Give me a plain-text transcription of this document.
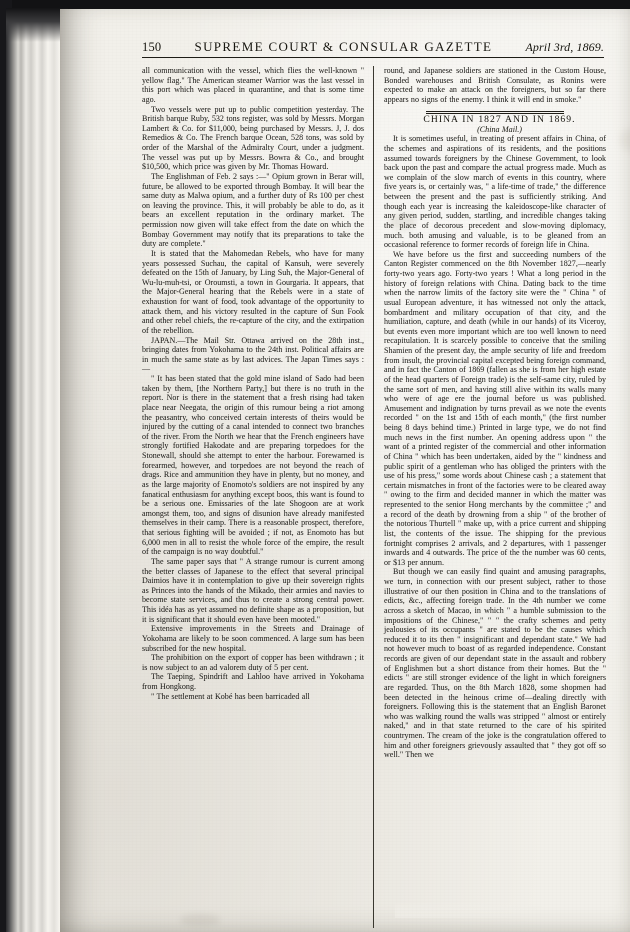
150	SUPREME COURT & CONSULAR GAZETTE	April 3rd, 1869.

all communication with the vessel, which flies the well-known " yellow flag." The American steamer Warrior was the last vessel in this port which was placed in quarantine, and that is some time ago.

Two vessels were put up to public competition yesterday. The British barque Ruby, 532 tons register, was sold by Messrs. Morgan Lambert & Co. for $11,000, being purchased by Messrs. J, J. dos Remedios & Co. The French barque Ocean, 528 tons, was sold by order of the Marshal of the Admiralty Court, under a judgment. The vessel was put up by Messrs. Bowra & Co., and brought $10,500, which price was given by Mr. Thomas Howard.

The Englishman of Feb. 2 says :—" Opium grown in Berar will, future, be allowed to be exported through Bombay. It will bear the same duty as Malwa opium, and a further duty of Rs 100 per chest on leaving the province. This, it will probably be able to do, as it bears an excellent reputation in the ordinary market. The permission now given will take effect from the date on which the Bombay Government may notify that its preparations to take the duty are complete."

It is stated that the Mahomedan Rebels, who have for many years possessed Suchau, the capital of Kansuh, were severely defeated on the 15th of January, by Ling Suh, the Major-General of Wu-lu-muh-tsi, or Oroumsti, a town in Gourgaria. It appears, that the Major-General hearing that the Rebels were in a state of exhaustion for want of food, took advantage of the opportunity to attack them, and his victory resulted in the capture of Sun Fook and other rebel chiefs, the re-capture of the city, and the extirpation of the rebellion.

JAPAN.—The Mail Str. Ottawa arrived on the 28th inst., bringing dates from Yokohama to the 24th inst. Political affairs are in much the same state as by last advices. The Japan Times says :—

" It has been stated that the gold mine island of Sado had been taken by them, [the Northern Party,] but there is no truth in the report. Nor is there in the statement that a fresh rising had taken place near Neegata, the origin of this rumour being a riot among the peasantry, who conceived certain interests of theirs would be injured by the cutting of a canal intended to connect two branches of the river. From the North we hear that the French engineers have strongly fortified Hakodate and are preparing torpedoes for the Stonewall, should she attempt to enter the harbour. Forewarned is forearmed, however, and torpedoes are not beyond the reach of drags. Rice and ammunition they have in plenty, but no money, and as the large majority of Enomoto's soldiers are not inspired by any fanatical enthusiasm for anything except boos, this want is found to be a serious one. Emissaries of the late Shogoon are at work amongst them, too, and signs of disunion have already manifested themselves in their camp. There is a reasonable prospect, therefore, that serious fighting will be avoided ; if not, as Enomoto has but 6,000 men in all to resist the whole force of the empire, the result of the campaign is no way doubtful."

The same paper says that " A strange rumour is current among the better classes of Japanese to the effect that several principal Daimios have it in contemplation to give up their sovereign rights as Princes into the hands of the Mikado, their armies and navies to become state services, and thus to create a strong central power. This idéa has as yet assumed no definite shape as a proposition, but it is significant that it should even have been mooted."

Extensive improvements in the Streets and Drainage of Yokohama are likely to be soon commenced. A large sum has been subscribed for the new hospital.

The prohibition on the export of copper has been withdrawn ; it is now subject to an ad valorem duty of 5 per cent.

The Taeping, Spindrift and Lahloo have arrived in Yokohama from Hongkong.

" The settlement at Kobé has been barricaded all

round, and Japanese soldiers are stationed in the Custom House, Bonded warehouses and British Consulate, as Ronins were expected to make an attack on the foreigners, but so far there appears no signs of the enemy. I think it will end in smoke."

CHINA IN 1827 AND IN 1869.

(China Mail.)

It is sometimes useful, in treating of present affairs in China, of the schemes and aspirations of its residents, and the positions assumed towards foreigners by the Chinese Government, to look back upon the past and compare the actual progress made. Much as we complain of the slow march of events in this country, where five years is, or certainly was, " a life-time of trade," the difference between the present and the past is sufficiently striking. And though each year is increasing the kaleidoscope-like character of any given period, sudden, startling, and incredible changes taking the place of decorous precedent and slow-moving diplomacy, much. both amusing and valuable, is to be gleaned from an occasional reference to former records of foreign life in China.

We have before us the first and succeeding numbers of the Canton Register commenced on the 8th November 1827,—nearly forty-two years ago. Forty-two years ! What a long period in the history of foreign relations with China. Dating back to the time when the narrow limits of the factory site were the " China " of usual European adventure, it has witnessed not only the attack, bombardment and military occupation of that city, and the humiliation, capture, and death (while in our hands) of its Viceroy, but events even more important which are too well known to need recapitulation. It is scarcely possible to conceive that the smiling Shamien of the present day, the ample security of life and freedom from insult, the provincial capital excepted being foreign command, and in fact the Canton of 1869 (fallen as she is from her high estate of the head quarters of Foreign trade) is the self-same city, ruled by the same sort of men, and having still alive within its walls many who were of age ere the journal before us was published. Amusement and indignation by turns prevail as we note the events recorded " on the 1st and 15th of each month," (the first number being 8 days behind time.) Printed in large type, we do not find much news in the first number. An opening address upon " the want of a printed register of the commercial and other information of China " which has been undertaken, aided by the " kindness and public spirit of a gentleman who has obliged the printers with the use of his press," some words about Chinese cash ; a statement that certain mismatches in front of the factories were to be cleared away " owing to the firm and decided manner in which the matter was represented to the senior Hong merchants by the committee ;" and a record of the death by drowning from a ship " of the brother of the notorious Thurtell " make up, with a price current and shipping list, the contents of the issue. The shipping for the previous fortnight comprises 2 arrivals, and 2 departures, with 1 passenger inwards and 4 outwards. The price of the the number was 60 cents, or $13 per annum.

But though we can easily find quaint and amusing paragraphs, we turn, in connection with our present subject, rather to those illustrative of our then position in China and to the translations of edicts, &c., affecting foreign trade. In the 4th number we come across a sketch of Macao, in which " a humble submission to the impositions of the Chinese," " " the crafty schemes and petty jealousies of its occupants " are stated to be the causes which reduced it to its then " insignificant and dependant state." We had not however much to boast of as regarded independence. Constant records are given of our dependant state in the assault and robbery of Englishmen but a short distance from their homes. But the " edicts " are still stronger evidence of the light in which foreigners are regarded. Thus, on the 8th March 1828, some shopmen had been detected in the heinous crime of—dealing directly with foreigners. Following this is the statement that an English Baronet who was walking round the walls was stripped " almost or entirely naked," and in that state returned to the care of his spirited countrymen. The cream of the joke is the congratulation offered to him and other foreigners grievously assaulted that " they got off so well." Then we
